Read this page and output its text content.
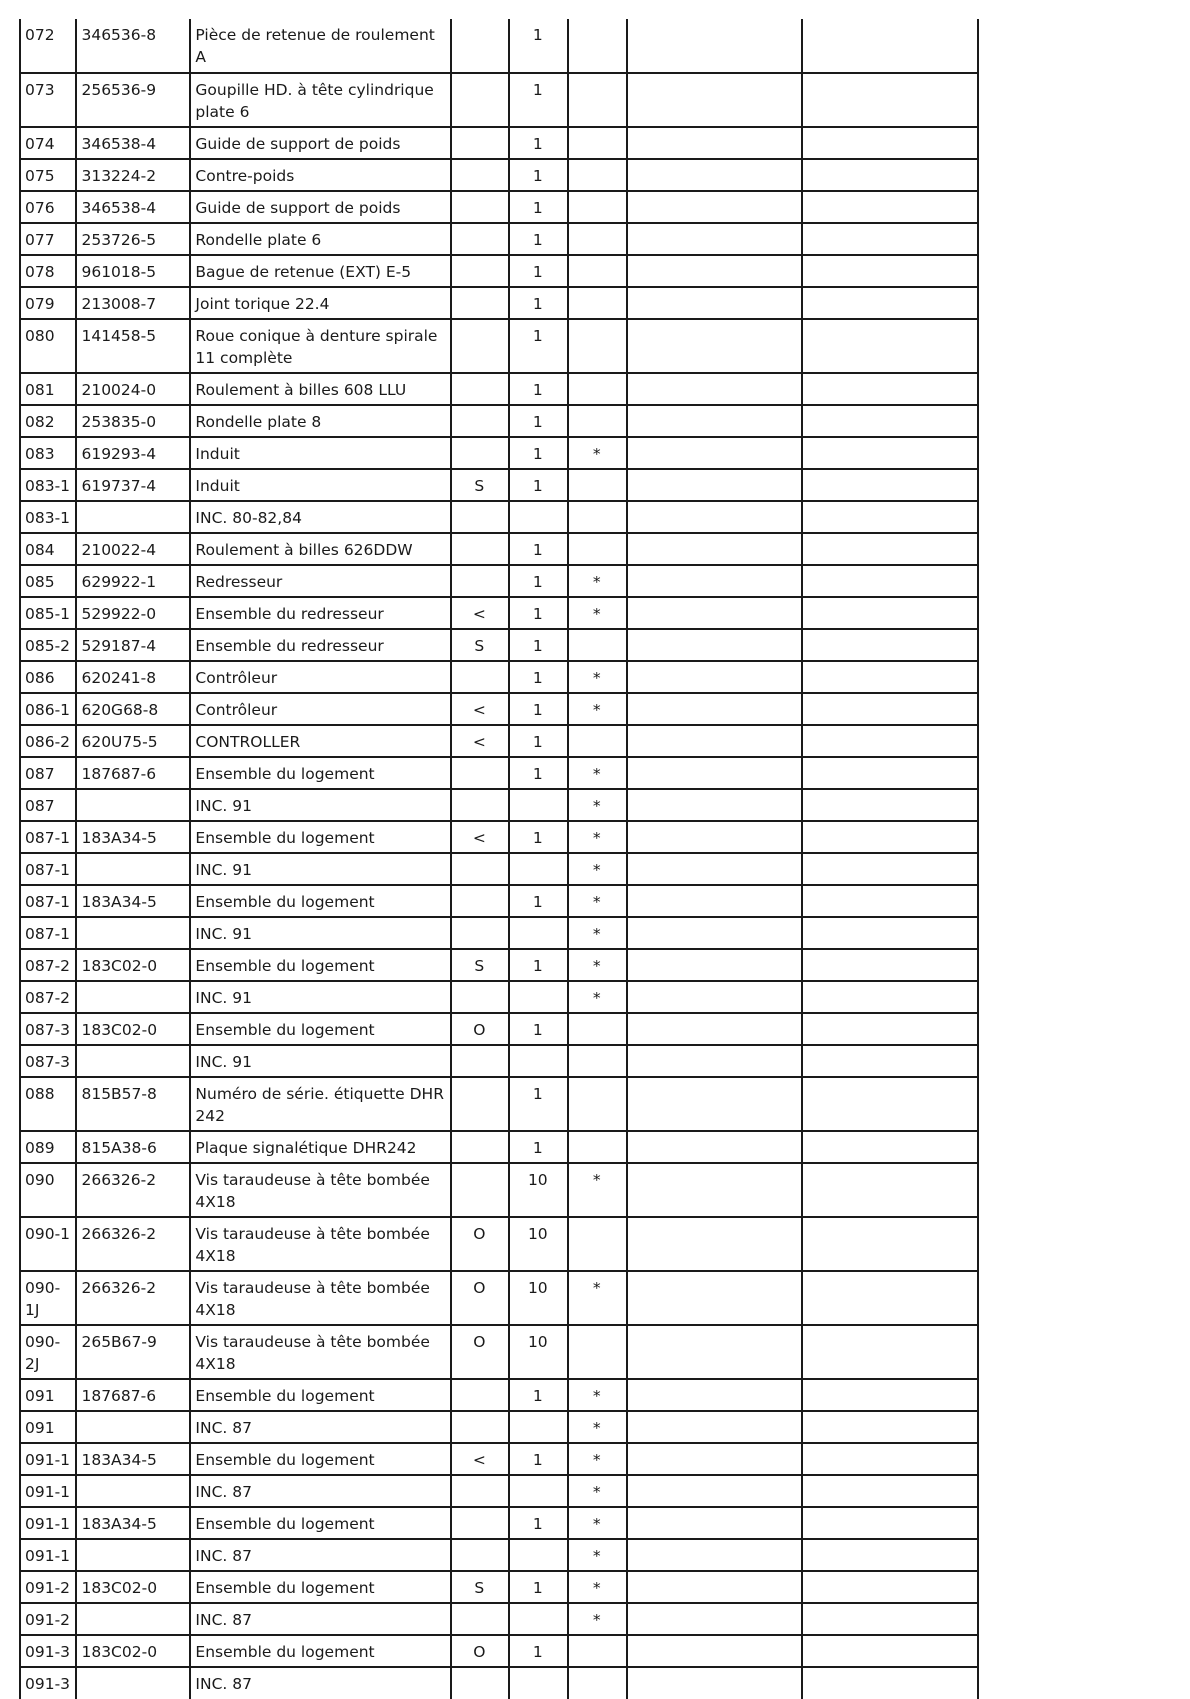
072	346536-8	Pièce de retenue de roulement A		1			
073	256536-9	Goupille HD. à tête cylindrique plate 6		1			
074	346538-4	Guide de support de poids		1			
075	313224-2	Contre-poids		1			
076	346538-4	Guide de support de poids		1			
077	253726-5	Rondelle plate 6		1			
078	961018-5	Bague de retenue (EXT) E-5		1			
079	213008-7	Joint torique 22.4		1			
080	141458-5	Roue conique à denture spirale 11 complète		1			
081	210024-0	Roulement à billes 608 LLU		1			
082	253835-0	Rondelle plate 8		1			
083	619293-4	Induit		1	*		
083-1	619737-4	Induit	S	1			
083-1		INC. 80-82,84					
084	210022-4	Roulement à billes 626DDW		1			
085	629922-1	Redresseur		1	*		
085-1	529922-0	Ensemble du redresseur	<	1	*		
085-2	529187-4	Ensemble du redresseur	S	1			
086	620241-8	Contrôleur		1	*		
086-1	620G68-8	Contrôleur	<	1	*		
086-2	620U75-5	CONTROLLER	<	1			
087	187687-6	Ensemble du logement		1	*		
087		INC. 91			*		
087-1	183A34-5	Ensemble du logement	<	1	*		
087-1		INC. 91			*		
087-1	183A34-5	Ensemble du logement		1	*		
087-1		INC. 91			*		
087-2	183C02-0	Ensemble du logement	S	1	*		
087-2		INC. 91			*		
087-3	183C02-0	Ensemble du logement	O	1			
087-3		INC. 91					
088	815B57-8	Numéro de série. étiquette DHR 242		1			
089	815A38-6	Plaque signalétique DHR242		1			
090	266326-2	Vis taraudeuse à tête bombée 4X18		10	*		
090-1	266326-2	Vis taraudeuse à tête bombée 4X18	O	10			
090-1J	266326-2	Vis taraudeuse à tête bombée 4X18	O	10	*		
090-2J	265B67-9	Vis taraudeuse à tête bombée 4X18	O	10			
091	187687-6	Ensemble du logement		1	*		
091		INC. 87			*		
091-1	183A34-5	Ensemble du logement	<	1	*		
091-1		INC. 87			*		
091-1	183A34-5	Ensemble du logement		1	*		
091-1		INC. 87			*		
091-2	183C02-0	Ensemble du logement	S	1	*		
091-2		INC. 87			*		
091-3	183C02-0	Ensemble du logement	O	1			
091-3		INC. 87					
